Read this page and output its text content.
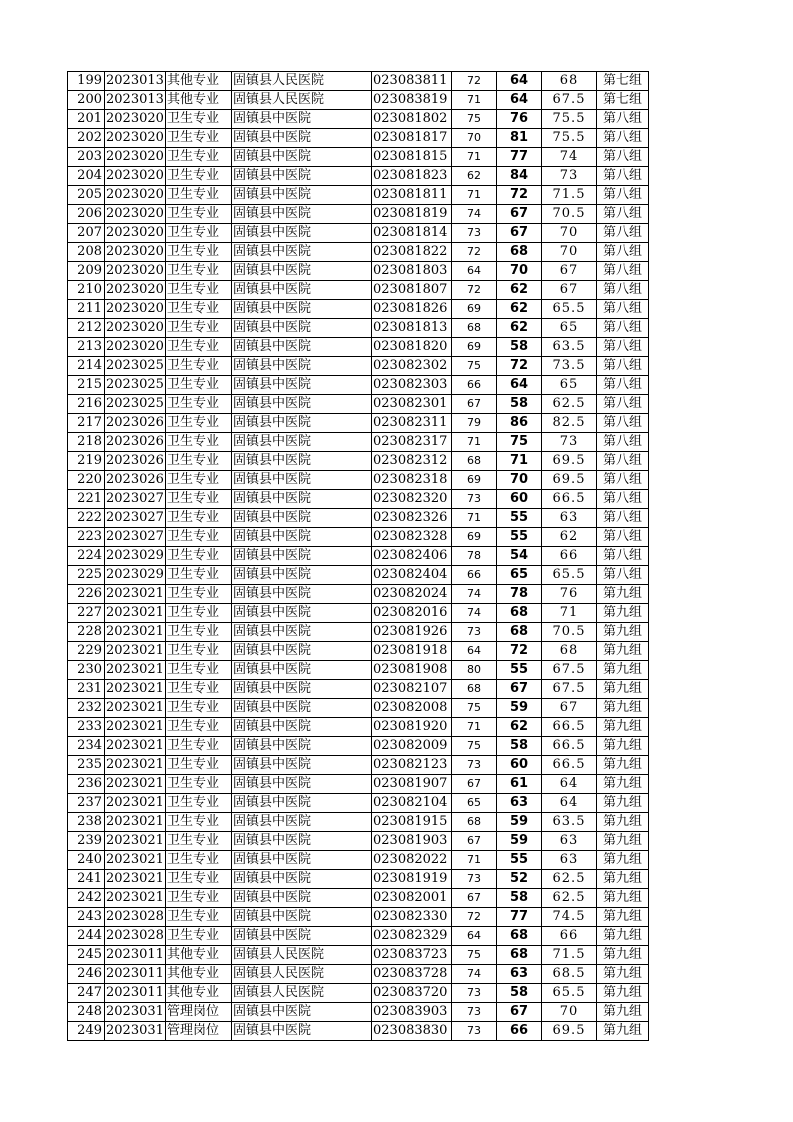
199	2023013	其他专业	固镇县人民医院	023083811	72	64	68	第七组
200	2023013	其他专业	固镇县人民医院	023083819	71	64	67.5	第七组
201	2023020	卫生专业	固镇县中医院	023081802	75	76	75.5	第八组
202	2023020	卫生专业	固镇县中医院	023081817	70	81	75.5	第八组
203	2023020	卫生专业	固镇县中医院	023081815	71	77	74	第八组
204	2023020	卫生专业	固镇县中医院	023081823	62	84	73	第八组
205	2023020	卫生专业	固镇县中医院	023081811	71	72	71.5	第八组
206	2023020	卫生专业	固镇县中医院	023081819	74	67	70.5	第八组
207	2023020	卫生专业	固镇县中医院	023081814	73	67	70	第八组
208	2023020	卫生专业	固镇县中医院	023081822	72	68	70	第八组
209	2023020	卫生专业	固镇县中医院	023081803	64	70	67	第八组
210	2023020	卫生专业	固镇县中医院	023081807	72	62	67	第八组
211	2023020	卫生专业	固镇县中医院	023081826	69	62	65.5	第八组
212	2023020	卫生专业	固镇县中医院	023081813	68	62	65	第八组
213	2023020	卫生专业	固镇县中医院	023081820	69	58	63.5	第八组
214	2023025	卫生专业	固镇县中医院	023082302	75	72	73.5	第八组
215	2023025	卫生专业	固镇县中医院	023082303	66	64	65	第八组
216	2023025	卫生专业	固镇县中医院	023082301	67	58	62.5	第八组
217	2023026	卫生专业	固镇县中医院	023082311	79	86	82.5	第八组
218	2023026	卫生专业	固镇县中医院	023082317	71	75	73	第八组
219	2023026	卫生专业	固镇县中医院	023082312	68	71	69.5	第八组
220	2023026	卫生专业	固镇县中医院	023082318	69	70	69.5	第八组
221	2023027	卫生专业	固镇县中医院	023082320	73	60	66.5	第八组
222	2023027	卫生专业	固镇县中医院	023082326	71	55	63	第八组
223	2023027	卫生专业	固镇县中医院	023082328	69	55	62	第八组
224	2023029	卫生专业	固镇县中医院	023082406	78	54	66	第八组
225	2023029	卫生专业	固镇县中医院	023082404	66	65	65.5	第八组
226	2023021	卫生专业	固镇县中医院	023082024	74	78	76	第九组
227	2023021	卫生专业	固镇县中医院	023082016	74	68	71	第九组
228	2023021	卫生专业	固镇县中医院	023081926	73	68	70.5	第九组
229	2023021	卫生专业	固镇县中医院	023081918	64	72	68	第九组
230	2023021	卫生专业	固镇县中医院	023081908	80	55	67.5	第九组
231	2023021	卫生专业	固镇县中医院	023082107	68	67	67.5	第九组
232	2023021	卫生专业	固镇县中医院	023082008	75	59	67	第九组
233	2023021	卫生专业	固镇县中医院	023081920	71	62	66.5	第九组
234	2023021	卫生专业	固镇县中医院	023082009	75	58	66.5	第九组
235	2023021	卫生专业	固镇县中医院	023082123	73	60	66.5	第九组
236	2023021	卫生专业	固镇县中医院	023081907	67	61	64	第九组
237	2023021	卫生专业	固镇县中医院	023082104	65	63	64	第九组
238	2023021	卫生专业	固镇县中医院	023081915	68	59	63.5	第九组
239	2023021	卫生专业	固镇县中医院	023081903	67	59	63	第九组
240	2023021	卫生专业	固镇县中医院	023082022	71	55	63	第九组
241	2023021	卫生专业	固镇县中医院	023081919	73	52	62.5	第九组
242	2023021	卫生专业	固镇县中医院	023082001	67	58	62.5	第九组
243	2023028	卫生专业	固镇县中医院	023082330	72	77	74.5	第九组
244	2023028	卫生专业	固镇县中医院	023082329	64	68	66	第九组
245	2023011	其他专业	固镇县人民医院	023083723	75	68	71.5	第九组
246	2023011	其他专业	固镇县人民医院	023083728	74	63	68.5	第九组
247	2023011	其他专业	固镇县人民医院	023083720	73	58	65.5	第九组
248	2023031	管理岗位	固镇县中医院	023083903	73	67	70	第九组
249	2023031	管理岗位	固镇县中医院	023083830	73	66	69.5	第九组
